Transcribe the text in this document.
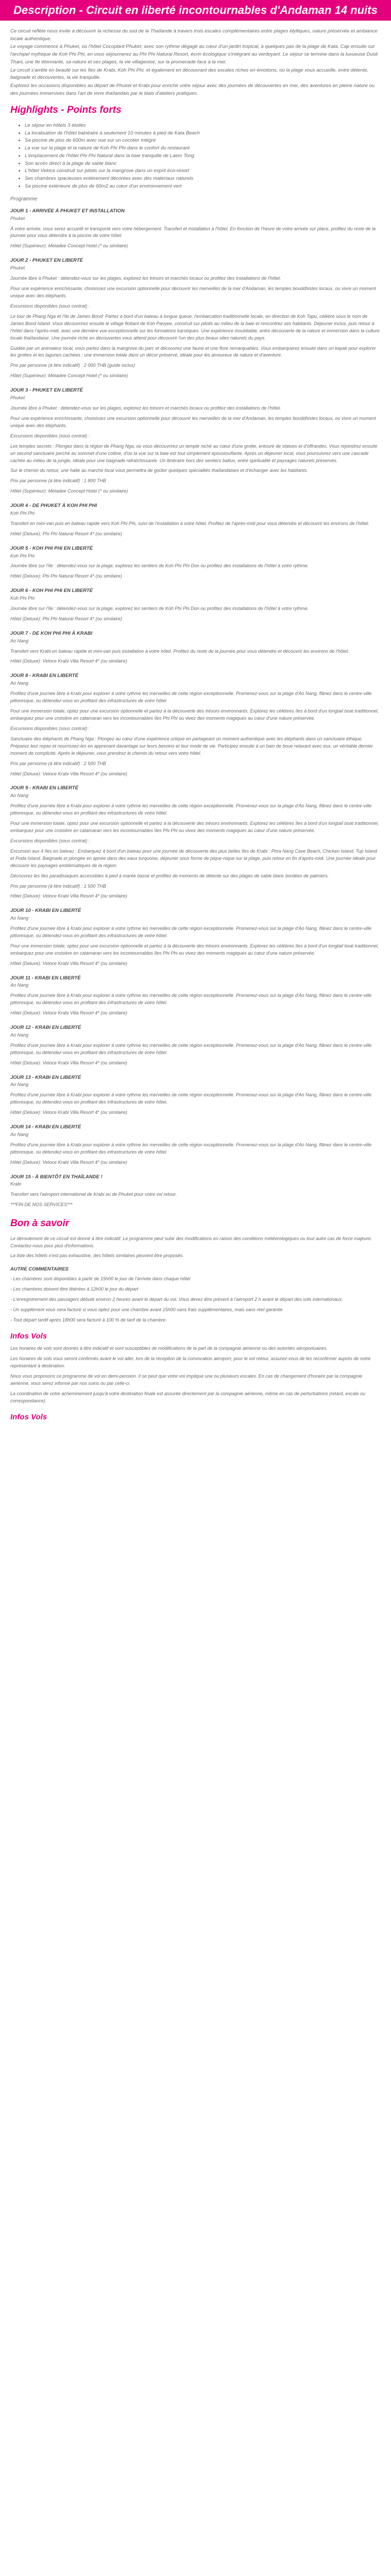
Description - Circuit en liberté incontournables d'Andaman 14 nuits

Ce circuit reflète nous invite à découvrir la richesse du sud de la Thaïlande à travers trois escales complémentaires entre plages idylliques, nature préservée et ambiance locale authentique.

Le voyage commence à Phuket, où l'hôtel Cocoplant Phuket, avec son rythme dégagé au cœur d'un jardin tropical, à quelques pas de la plage de Kata. Cap ensuite sur l'archipel mythique de Koh Phi Phi, en vous séjournerez au Phi Phi Natural Resort, écrin écologique s'intégrant au verdoyant. Le séjour se termine dans la luxueuse Dusit Thani, une île étonnante, sa nature et ses plages, la vie villageoise, sur la promenade face à la mer.

Le circuit s'arrête en beauté sur les îles de Krabi, Koh Phi Phi, et également en découvrant des escales riches en émotions, où la plage vous accueille, entre détente, baignade et découvertes, la vie tranquille.

Explorez les occasions disponibles au départ de Phuket et Krabi pour enrichir votre séjour avec des journées de découvertes en mer, des aventures en pleine nature ou des journées immersives dans l'art de vivre thaïlandais par le biais d'ateliers pratiques.

Highlights - Points forts
• Le séjour en hôtels 3 étoiles
• La localisation de l'hôtel balnéaire à seulement 10 minutes à pied de Kata Beach
• Sa piscine de plus de 600m avec vue sur un cocotier intégré
• La vue sur la plage et la nature de Koh Phi Phi dans le confort du restaurant
• L'emplacement de l'hôtel Phi Phi Natural dans la baie tranquille de Laem Tong
• Son accès direct à la plage de sable blanc
• L'hôtel Veloce construit sur pilotis sur la mangrove dans un esprit éco-resort
• Ses chambres spacieuses entièrement décorées avec des matériaux naturels
• Sa piscine extérieure de plus de 60m2 au cœur d'un environnement vert
Programme
JOUR 1 - ARRIVÉE À PHUKET ET INSTALLATION
Phuket

À votre arrivée, vous serez accueilli et transporté vers votre hébergement. Transfert et installation à l'hôtel. En fonction de l'heure de votre arrivée sur place, profitez du reste de la journée pour vous détendre à la piscine de votre hôtel.

Hôtel (Supérieur): Metadee Concept Hotel (* ou similaire)
JOUR 2 - PHUKET EN LIBERTÉ
Phuket

Journée libre à Phuket : détendez-vous sur les plages, explorez les trésors et marchés locaux ou profitez des installations de l'hôtel.

Pour une expérience enrichissante, choisissez une excursion optionnelle pour découvrir les merveilles de la mer d'Andaman, les temples bouddhistes locaux, ou vivre un moment unique avec des éléphants.

Excursions disponibles (sous contrat) :

Le tour de Phang Nga et l'île de James Bond: Partez à bord d'un bateau à longue queue, l'embarcation traditionnelle locale, en direction de Koh Tapu, célèbre sous le nom de James Bond Island. Vous découvrirez ensuite le village flottant de Koh Panyee, construit sur pilotis au milieu de la baie et rencontrez ses habitants. Déjeuner inclus, puis retour à l'hôtel dans l'après-midi, avec une dernière vue exceptionnelle sur les formations karstiques. Une expérience inoubliable, entre découverte de la nature et immersion dans la culture locale thaïlandaise. Une journée riche en découvertes vous attend pour découvrir l'un des plus beaux sites naturels du pays.

Guidée par un animateur local, vous partez dans la mangrove du parc et découvrez une faune et une flore remarquables. Vous embarquerez ensuite dans un kayak pour explorer les grottes et les lagunes cachées ; une immersion totale dans un décor préservé, idéale pour les amoureux de nature et d'aventure.

Prix par personne (à titre indicatif) : 2 000 THB (guide inclus)

Hôtel (Supérieur): Metadee Concept Hotel (* ou similaire)
JOUR 3 - PHUKET EN LIBERTÉ
Phuket

Journée libre à Phuket : détendez-vous sur les plages, explorez les trésors et marchés locaux ou profitez des installations de l'hôtel.

Pour une expérience enrichissante, choisissez une excursion optionnelle pour découvrir les merveilles de la mer d'Andaman, les temples bouddhistes locaux, ou vivre un moment unique avec des éléphants.

Excursions disponibles (sous contrat) :

Les temples secrets : Plongez dans la région de Phang Nga, où vous découvrirez un temple niché au cœur d'une grotte, entouré de statues et d'offrandes. Vous rejoindrez ensuite un second sanctuaire perché au sommet d'une colline, d'où la vue sur la baie est tout simplement époustouflante. Après un déjeuner local, vous poursuivrez vers une cascade cachée au milieu de la jungle, idéale pour une baignade rafraîchissante. Un itinéraire hors des sentiers battus, entre spiritualité et paysages naturels préservés.

Sur le chemin du retour, une halte au marché local vous permettra de goûter quelques spécialités thaïlandaises et d'échanger avec les habitants.

Prix par personne (à titre indicatif) : 1 800 THB

Hôtel (Supérieur): Metadee Concept Hotel (* ou similaire)
JOUR 4 - DE PHUKET À KOH PHI PHI
Koh Phi Phi

Transfert en mini-van puis en bateau rapide vers Koh Phi Phi, suivi de l'installation à votre hôtel. Profitez de l'après-midi pour vous détendre et découvrir les environs de l'hôtel.

Hôtel (Deluxe): Phi Phi Natural Resort 4* (ou similaire)
JOUR 5 - KOH PHI PHI EN LIBERTÉ
Koh Phi Phi

Journée libre sur l'île : détendez-vous sur la plage, explorez les sentiers de Koh Phi Phi Don ou profitez des installations de l'hôtel à votre rythme.

Hôtel (Deluxe): Phi Phi Natural Resort 4* (ou similaire)
JOUR 6 - KOH PHI PHI EN LIBERTÉ
Koh Phi Phi

Journée libre sur l'île : détendez-vous sur la plage, explorez les sentiers de Koh Phi Phi Don ou profitez des installations de l'hôtel à votre rythme.

Hôtel (Deluxe): Phi Phi Natural Resort 4* (ou similaire)
JOUR 7 - DE KOH PHI PHI À KRABI
Ao Nang

Transfert vers Krabi en bateau rapide et mini-van puis installation à votre hôtel. Profitez du reste de la journée pour vous détendre et découvrir les environs de l'hôtel.

Hôtel (Deluxe): Veloce Krabi Villa Resort 4* (ou similaire)
JOUR 8 - KRABI EN LIBERTÉ
Ao Nang

Profitez d'une journée libre à Krabi pour explorer à votre rythme les merveilles de cette région exceptionnelle. Promenez-vous sur la plage d'Ao Nang, flânez dans le centre-ville pittoresque, ou détendez-vous en profitant des infrastructures de votre hôtel.

Pour une immersion totale, optez pour une excursion optionnelle et partez à la découverte des trésors environnants. Explorez les célèbres îles à bord d'un longtail boat traditionnel, embarquez pour une croisière en catamaran vers les incontournables îles Phi Phi ou vivez des moments magiques au cœur d'une nature préservée.

Excursions disponibles (sous contrat) :

Sanctuaire des éléphants de Phang Nga : Plongez au cœur d'une expérience unique en partageant un moment authentique avec les éléphants dans un sanctuaire éthique. Préparez leur repas et nourrissez-les en apprenant davantage sur leurs besoins et leur mode de vie. Participez ensuite à un bain de boue relaxant avec eux, un véritable dernier moment de complicité. Après le déjeuner, vous prendrez le chemin du retour vers votre hôtel.

Prix par personne (à titre indicatif) : 2 500 THB

Hôtel (Deluxe): Veloce Krabi Villa Resort 4* (ou similaire)
JOUR 9 - KRABI EN LIBERTÉ
Ao Nang

Profitez d'une journée libre à Krabi pour explorer à votre rythme les merveilles de cette région exceptionnelle. Promenez-vous sur la plage d'Ao Nang, flânez dans le centre-ville pittoresque, ou détendez-vous en profitant des infrastructures de votre hôtel.

Pour une immersion totale, optez pour une excursion optionnelle et partez à la découverte des trésors environnants. Explorez les célèbres îles à bord d'un longtail boat traditionnel, embarquez pour une croisière en catamaran vers les incontournables îles Phi Phi ou vivez des moments magiques au cœur d'une nature préservée.

Excursions disponibles (sous contrat) :

Excursion aux 4 îles en bateau : Embarquez à bord d'un bateau pour une journée de découverte des plus belles îles de Krabi : Phra Nang Cave Beach, Chicken Island, Tup Island et Poda Island. Baignade et plongée en apnée dans des eaux turquoise, déjeuner sous forme de pique-nique sur la plage, puis retour en fin d'après-midi. Une journée idéale pour découvrir les paysages emblématiques de la région.

Découvrez les îles paradisiaques accessibles à pied à marée basse et profitez de moments de détente sur des plages de sable blanc bordées de palmiers.

Prix par personne (à titre indicatif) : 1 500 THB

Hôtel (Deluxe): Veloce Krabi Villa Resort 4* (ou similaire)
JOUR 10 - KRABI EN LIBERTÉ
Ao Nang

Profitez d'une journée libre à Krabi pour explorer à votre rythme les merveilles de cette région exceptionnelle. Promenez-vous sur la plage d'Ao Nang, flânez dans le centre-ville pittoresque, ou détendez-vous en profitant des infrastructures de votre hôtel.

Pour une immersion totale, optez pour une excursion optionnelle et partez à la découverte des trésors environnants. Explorez les célèbres îles à bord d'un longtail boat traditionnel, embarquez pour une croisière en catamaran vers les incontournables îles Phi Phi ou vivez des moments magiques au cœur d'une nature préservée.

Hôtel (Deluxe): Veloce Krabi Villa Resort 4* (ou similaire)
JOUR 11 - KRABI EN LIBERTÉ
Ao Nang

Profitez d'une journée libre à Krabi pour explorer à votre rythme les merveilles de cette région exceptionnelle. Promenez-vous sur la plage d'Ao Nang, flânez dans le centre-ville pittoresque, ou détendez-vous en profitant des infrastructures de votre hôtel.

Hôtel (Deluxe): Veloce Krabi Villa Resort 4* (ou similaire)
JOUR 12 - KRABI EN LIBERTÉ
Ao Nang

Profitez d'une journée libre à Krabi pour explorer à votre rythme les merveilles de cette région exceptionnelle. Promenez-vous sur la plage d'Ao Nang, flânez dans le centre-ville pittoresque, ou détendez-vous en profitant des infrastructures de votre hôtel.

Hôtel (Deluxe): Veloce Krabi Villa Resort 4* (ou similaire)
JOUR 13 - KRABI EN LIBERTÉ
Ao Nang

Profitez d'une journée libre à Krabi pour explorer à votre rythme les merveilles de cette région exceptionnelle. Promenez-vous sur la plage d'Ao Nang, flânez dans le centre-ville pittoresque, ou détendez-vous en profitant des infrastructures de votre hôtel.

Hôtel (Deluxe): Veloce Krabi Villa Resort 4* (ou similaire)
JOUR 14 - KRABI EN LIBERTÉ
Ao Nang

Profitez d'une journée libre à Krabi pour explorer à votre rythme les merveilles de cette région exceptionnelle. Promenez-vous sur la plage d'Ao Nang, flânez dans le centre-ville pittoresque, ou détendez-vous en profitant des infrastructures de votre hôtel.

Hôtel (Deluxe): Veloce Krabi Villa Resort 4* (ou similaire)
JOUR 15 - À BIENTÔT EN THAÏLANDE !
Krabi

Transfert vers l'aéroport international de Krabi ou de Phuket pour votre vol retour.

***FIN DE NOS SERVICES***

Bon à savoir

Le déroulement de ce circuit est donné à titre indicatif. Le programme peut subir des modifications en raison des conditions météorologiques ou tout autre cas de force majeure. Contactez-nous pour plus d'informations.

La liste des hôtels n'est pas exhaustive, des hôtels similaires peuvent être proposés.

AUTRE COMMENTAIRES

- Les chambres sont disponibles à partir de 15h00 le jour de l'arrivée dans chaque hôtel

- Les chambres doivent être libérées à 12h00 le jour du départ

- L'enregistrement des passagers débute environ 2 heures avant le départ du vol. Vous devez être présent à l'aéroport 2 h avant le départ des vols internationaux.

- Un supplément vous sera facturé si vous optez pour une chambre avant 15h00 sans frais supplémentaires, mais sans réel garantie

- Tout départ tardif après 18h00 sera facturé à 100 % de tarif de la chambre.

Infos Vols

Les horaires de vols sont donnés à titre indicatif et sont susceptibles de modifications de la part de la compagnie aérienne ou des autorités aéroportuaires.

Les horaires de vols vous seront confirmés avant le vol aller, lors de la réception de la convocation aéroport, pour le vol retour, assurez-vous de les reconfirmer auprès de notre représentant à destination.

Nous vous proposons ce programme de vol en demi-pension. Il se peut que votre vol implique une ou plusieurs escales. En cas de changement d'horaire par la compagnie aérienne, vous serez informé par nos soins ou par celle-ci.

La coordination de votre acheminement jusqu'à votre destination finale est assurée directement par la compagnie aérienne, même en cas de perturbations (retard, escale ou correspondance).

Infos Vols
